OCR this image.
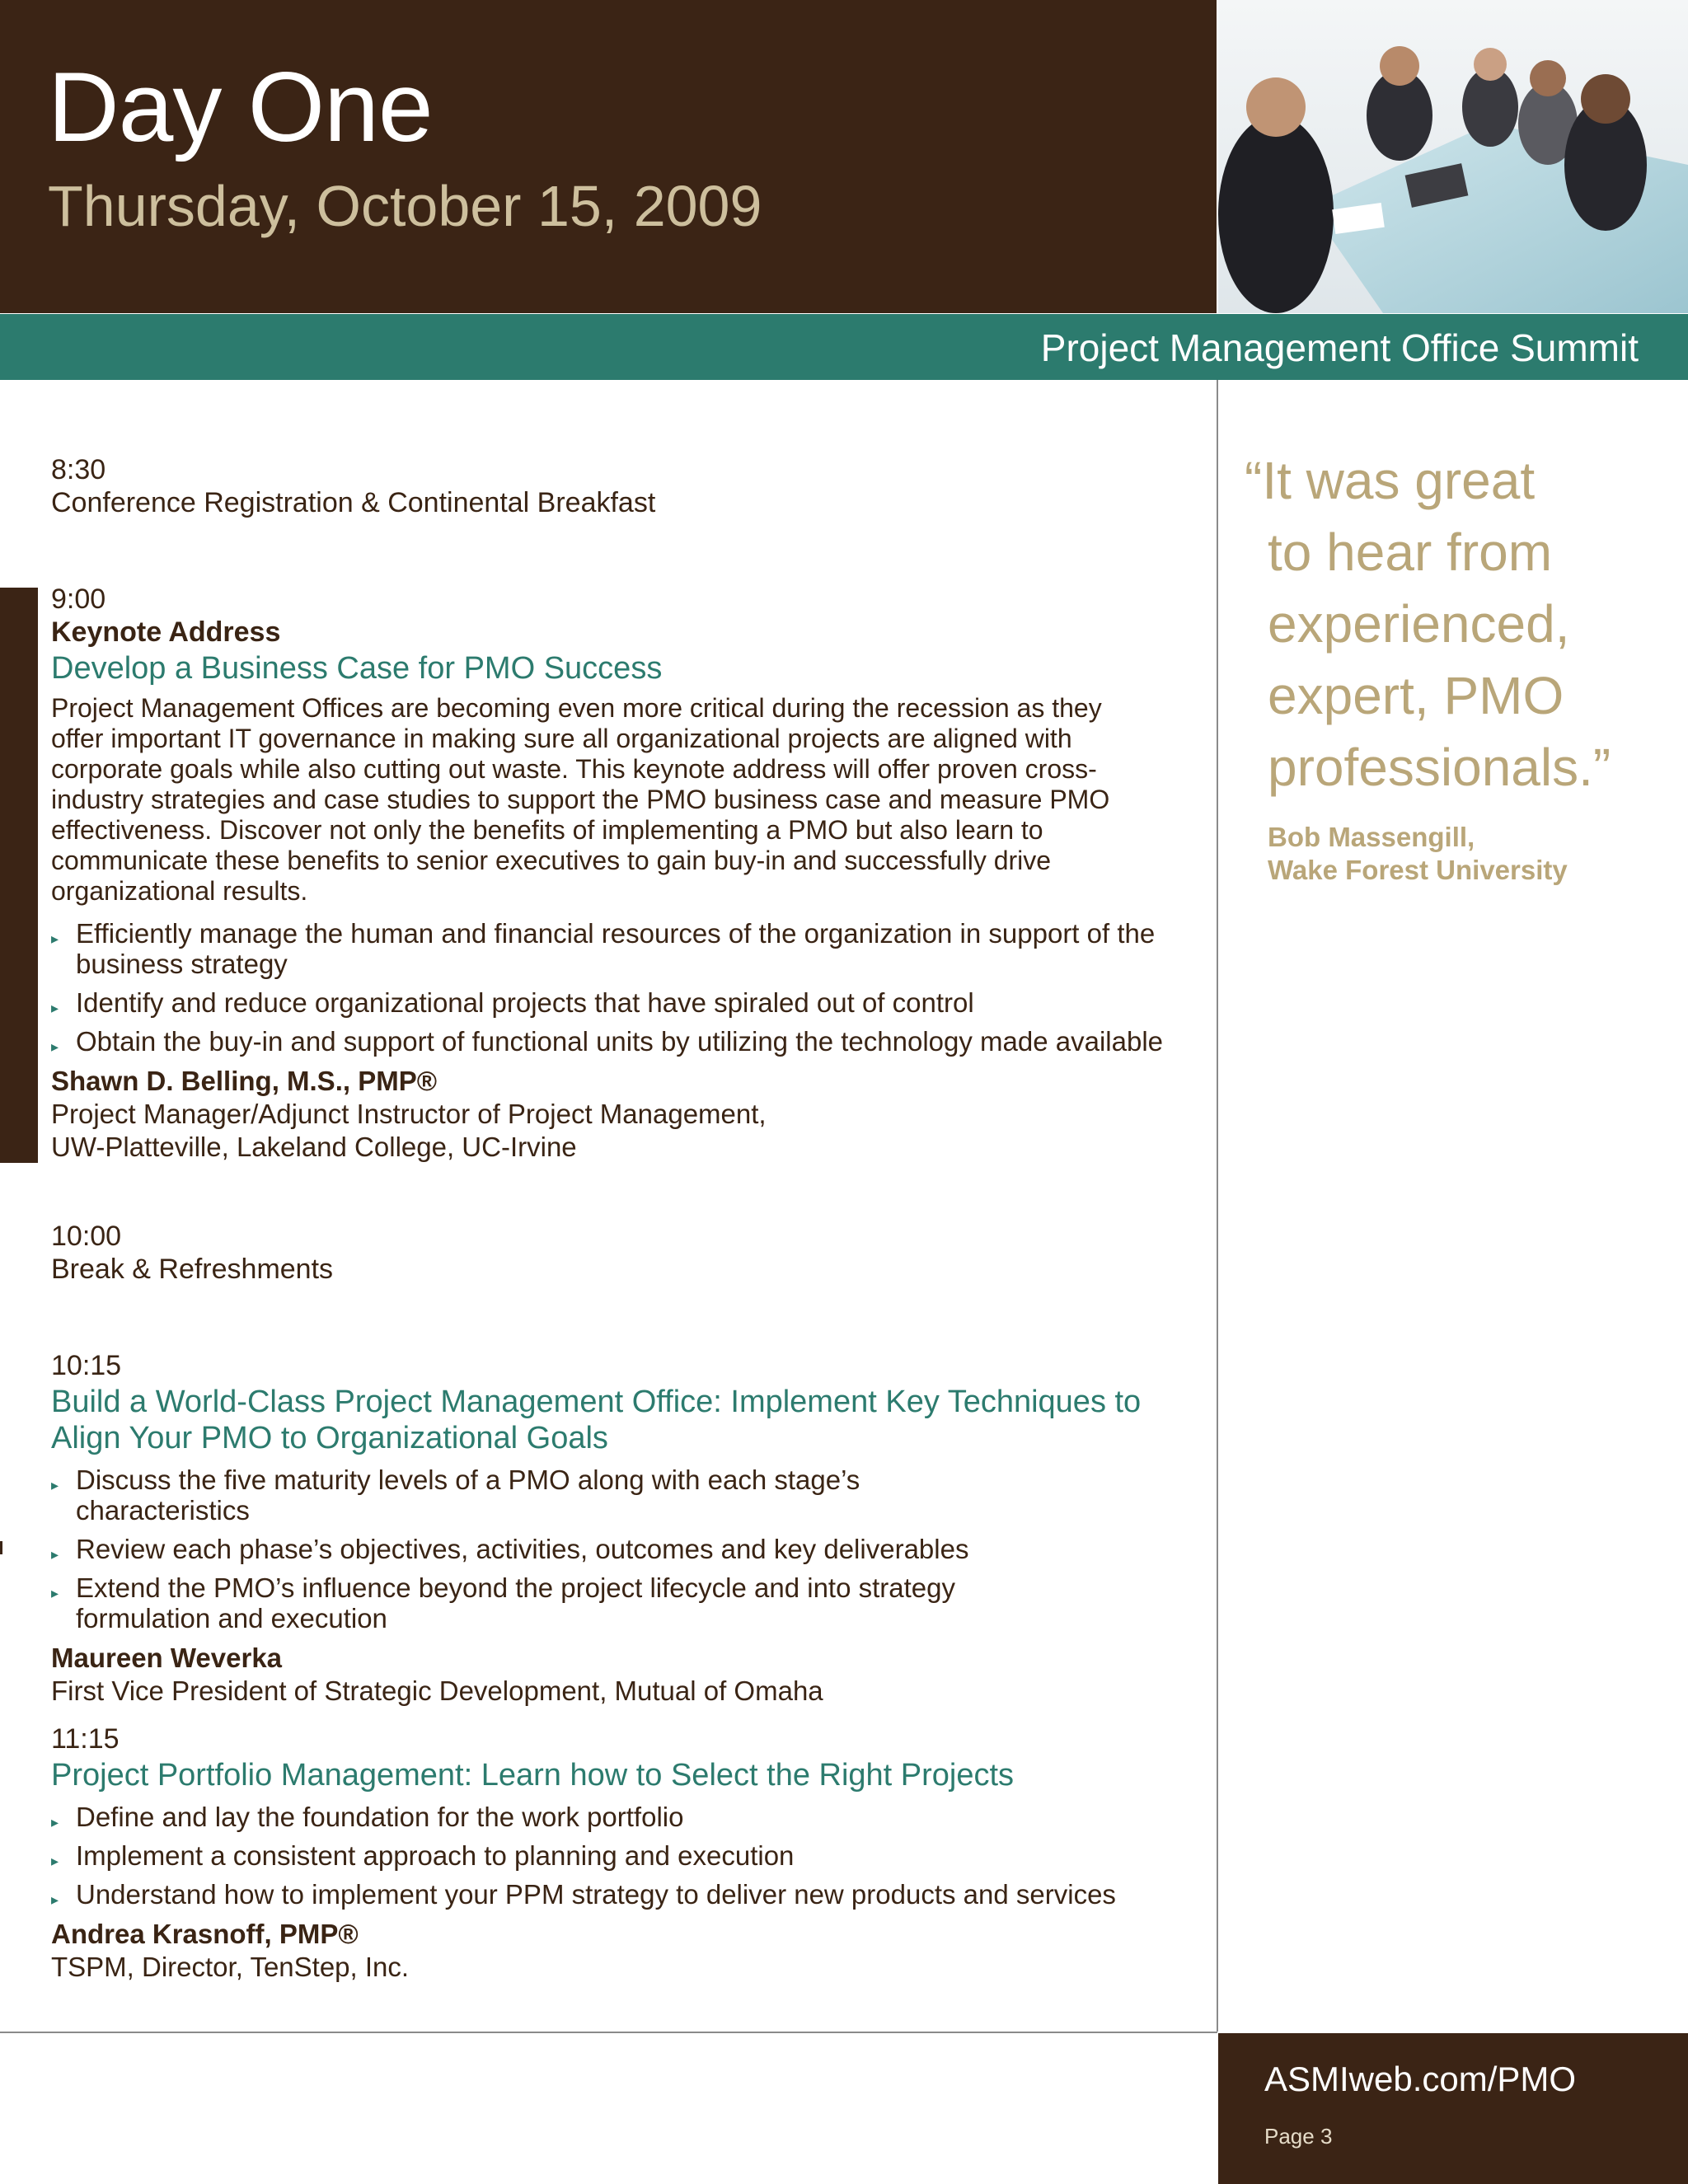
Day One
Thursday, October 15, 2009
Project Management Office Summit
8:30
Conference Registration & Continental Breakfast
9:00
Keynote Address
Develop a Business Case for PMO Success
Project Management Offices are becoming even more critical during the recession as they offer important IT governance in making sure all organizational projects are aligned with corporate goals while also cutting out waste. This keynote address will offer proven cross-industry strategies and case studies to support the PMO business case and measure PMO effectiveness. Discover not only the benefits of implementing a PMO but also learn to communicate these benefits to senior executives to gain buy-in and successfully drive organizational results.
▸ Efficiently manage the human and financial resources of the organization in support of the business strategy
▸ Identify and reduce organizational projects that have spiraled out of control
▸ Obtain the buy-in and support of functional units by utilizing the technology made available
Shawn D. Belling, M.S., PMP®
Project Manager/Adjunct Instructor of Project Management,
UW-Platteville, Lakeland College, UC-Irvine
10:00
Break & Refreshments
10:15
Build a World-Class Project Management Office: Implement Key Techniques to
Align Your PMO to Organizational Goals
▸ Discuss the five maturity levels of a PMO along with each stage’s characteristics
▸ Review each phase’s objectives, activities, outcomes and key deliverables
▸ Extend the PMO’s influence beyond the project lifecycle and into strategy formulation and execution
Maureen Weverka
First Vice President of Strategic Development, Mutual of Omaha
11:15
Project Portfolio Management: Learn how to Select the Right Projects
▸ Define and lay the foundation for the work portfolio
▸ Implement a consistent approach to planning and execution
▸ Understand how to implement your PPM strategy to deliver new products and services
Andrea Krasnoff, PMP®
TSPM, Director, TenStep, Inc.
“It was great
to hear from
experienced,
expert, PMO
professionals.”
Bob Massengill,
Wake Forest University
ASMIweb.com/PMO
Page 3
